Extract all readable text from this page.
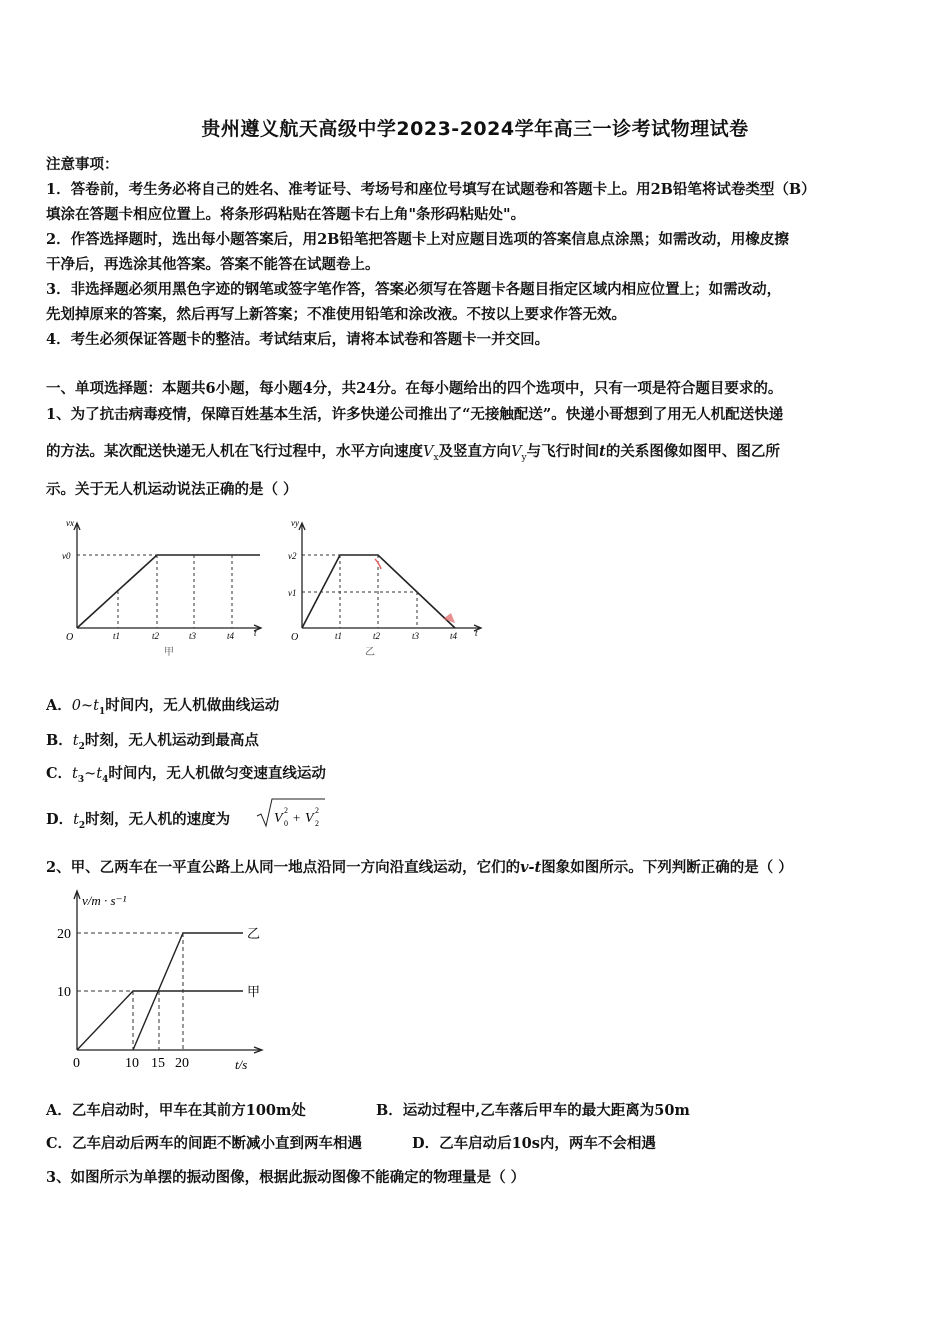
贵州遵义航天高级中学2023-2024学年高三一诊考试物理试卷
注意事项：
1．答卷前，考生务必将自己的姓名、准考证号、考场号和座位号填写在试题卷和答题卡上。用2B铅笔将试卷类型（B）
填涂在答题卡相应位置上。将条形码粘贴在答题卡右上角"条形码粘贴处"。
2．作答选择题时，选出每小题答案后，用2B铅笔把答题卡上对应题目选项的答案信息点涂黑；如需改动，用橡皮擦
干净后，再选涂其他答案。答案不能答在试题卷上。
3．非选择题必须用黑色字迹的钢笔或签字笔作答，答案必须写在答题卡各题目指定区域内相应位置上；如需改动，
先划掉原来的答案，然后再写上新答案；不准使用铅笔和涂改液。不按以上要求作答无效。
4．考生必须保证答题卡的整洁。考试结束后，请将本试卷和答题卡一并交回。
一、单项选择题：本题共6小题，每小题4分，共24分。在每小题给出的四个选项中，只有一项是符合题目要求的。
1、为了抗击病毒疫情，保障百姓基本生活，许多快递公司推出了“无接触配送”。快递小哥想到了用无人机配送快递
的方法。某次配送快递无人机在飞行过程中，水平方向速度$V_x$及竖直方向$V_y$与飞行时间t的关系图像如图甲、图乙所
示。关于无人机运动说法正确的是（ ）
vx
v0
O	t1	t2	t3	t4 t
甲
vy
v2
v1
O	t1	t2	t3	t4 t
乙
A．$0\sim t_1$时间内，无人机做曲线运动
B．$t_2$时刻，无人机运动到最高点
C．$t_3\sim t_4$时间内，无人机做匀变速直线运动
D．$t_2$时刻，无人机的速度为	V 0
2 + V 2
2
2、甲、乙两车在一平直公路上从同一地点沿同一方向沿直线运动，它们的v-t图象如图所示。下列判断正确的是（ ）
v/m · s⁻¹
20
10
0	10 15 20	t/s
乙
甲
A．乙车启动时，甲车在其前方100m处	B．运动过程中,乙车落后甲车的最大距离为50m
C．乙车启动后两车的间距不断减小直到两车相遇	D．乙车启动后10s内，两车不会相遇
3、如图所示为单摆的振动图像，根据此振动图像不能确定的物理量是（ ）
